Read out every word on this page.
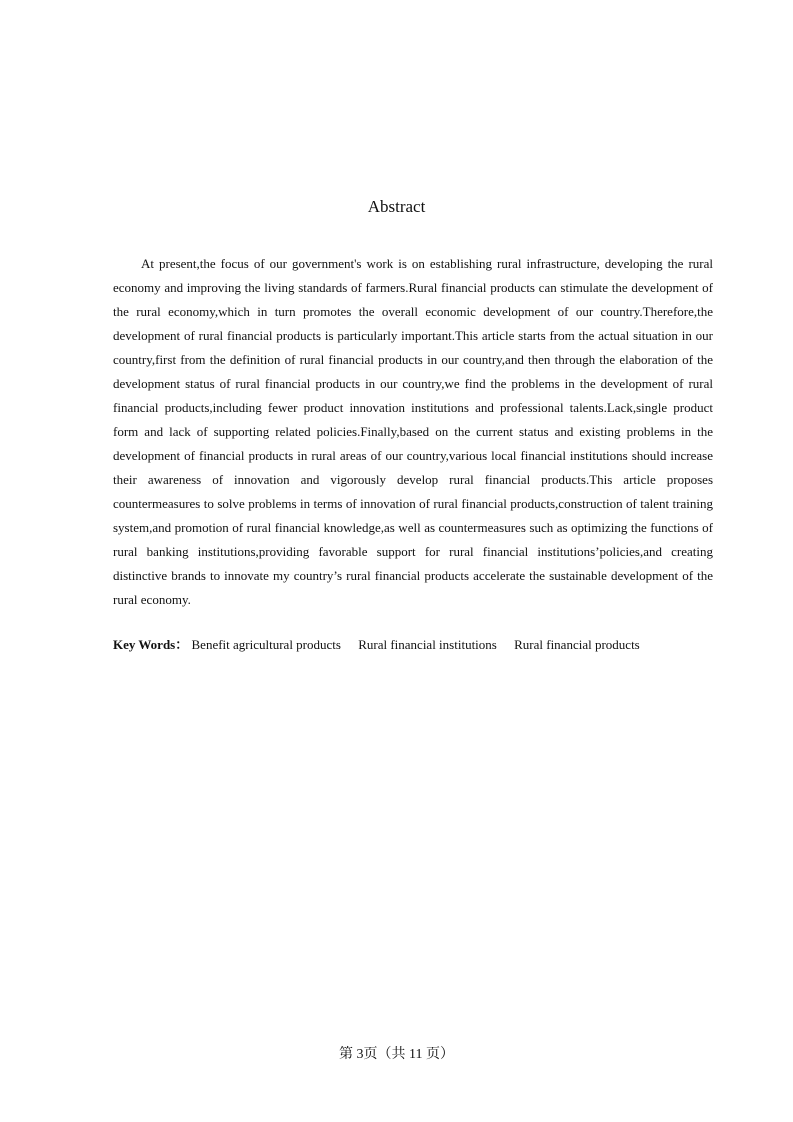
Abstract

At present,the focus of our government's work is on establishing rural infrastructure, developing the rural economy and improving the living standards of farmers.Rural financial products can stimulate the development of the rural economy,which in turn promotes the overall economic development of our country.Therefore,the development of rural financial products is particularly important.This article starts from the actual situation in our country,first from the definition of rural financial products in our country,and then through the elaboration of the development status of rural financial products in our country,we find the problems in the development of rural financial products,including fewer product innovation institutions and professional talents.Lack,single product form and lack of supporting related policies.Finally,based on the current status and existing problems in the development of financial products in rural areas of our country,various local financial institutions should increase their awareness of innovation and vigorously develop rural financial products.This article proposes countermeasures to solve problems in terms of innovation of rural financial products,construction of talent training system,and promotion of rural financial knowledge,as well as countermeasures such as optimizing the functions of rural banking institutions,providing favorable support for rural financial institutions’policies,and creating distinctive brands to innovate my country’s rural financial products accelerate the sustainable development of the rural economy.

Key Words： Benefit agricultural products Rural financial institutions Rural financial products
第 3页（共 11 页）
